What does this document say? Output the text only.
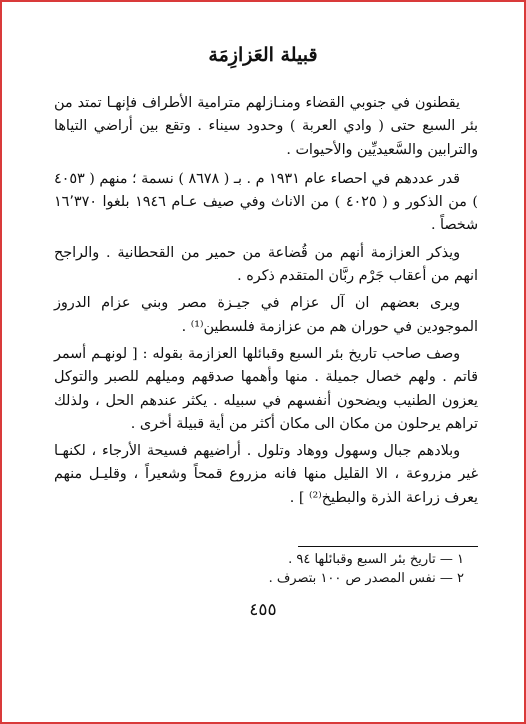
قبيلة العَزازِمَة

يقطنون في جنوبي القضاء ومنـازلهم مترامية الأطراف فإنهـا تمتد من بئر السبع حتى ( وادي العربة ) وحدود سيناء . وتقع بين أراضي التياها والترابين والسَّعيديِّين والأحيوات .

قدر عددهم في احصاء عام ١٩٣١ م . بـ ( ٨٦٧٨ ) نسمة ؛ منهم ( ٤٠٥٣ ) من الذكور و ( ٤٠٢٥ ) من الاناث وفي صيف عـام ١٩٤٦ بلغوا ١٦٬٣٧٠ شخصاً .

ويذكر العزازمة أنهم من قُضاعة من حمير من القحطانية . والراجح انهم من أعقاب جَرْم ربَّان المتقدم ذكره .

ويرى بعضهم ان آل عزام في جيـزة مصر وبني عزام الدروز الموجودين في حوران هم من عزازمة فلسطين⁽¹⁾ .

وصف صاحب تاريخ بئر السبع وقبائلها العزازمة بقوله : [ لونهـم أسمر قاتم . ولهم خصال جميلة . منها وأهمها صدقهم وميلهم للصبر والتوكل يعزون الطنيب ويضحون أنفسهم في سبيله . يكثر عندهم الحل ، ولذلك تراهم يرحلون من مكان الى مكان أكثر من أية قبيلة أخرى .

وبلادهم جبال وسهول ووهاد وتلول . أراضيهم فسيحة الأرجاء ، لكنهـا غير مزروعة ، الا القليل منها فانه مزروع قمحاً وشعيراً ، وقليـل منهم يعرف زراعة الذرة والبطيخ⁽²⁾ ] .

١ — تاريخ بئر السبع وقبائلها ٩٤ .
٢ — نفس المصدر ص ١٠٠ بتصرف .
٤٥٥
